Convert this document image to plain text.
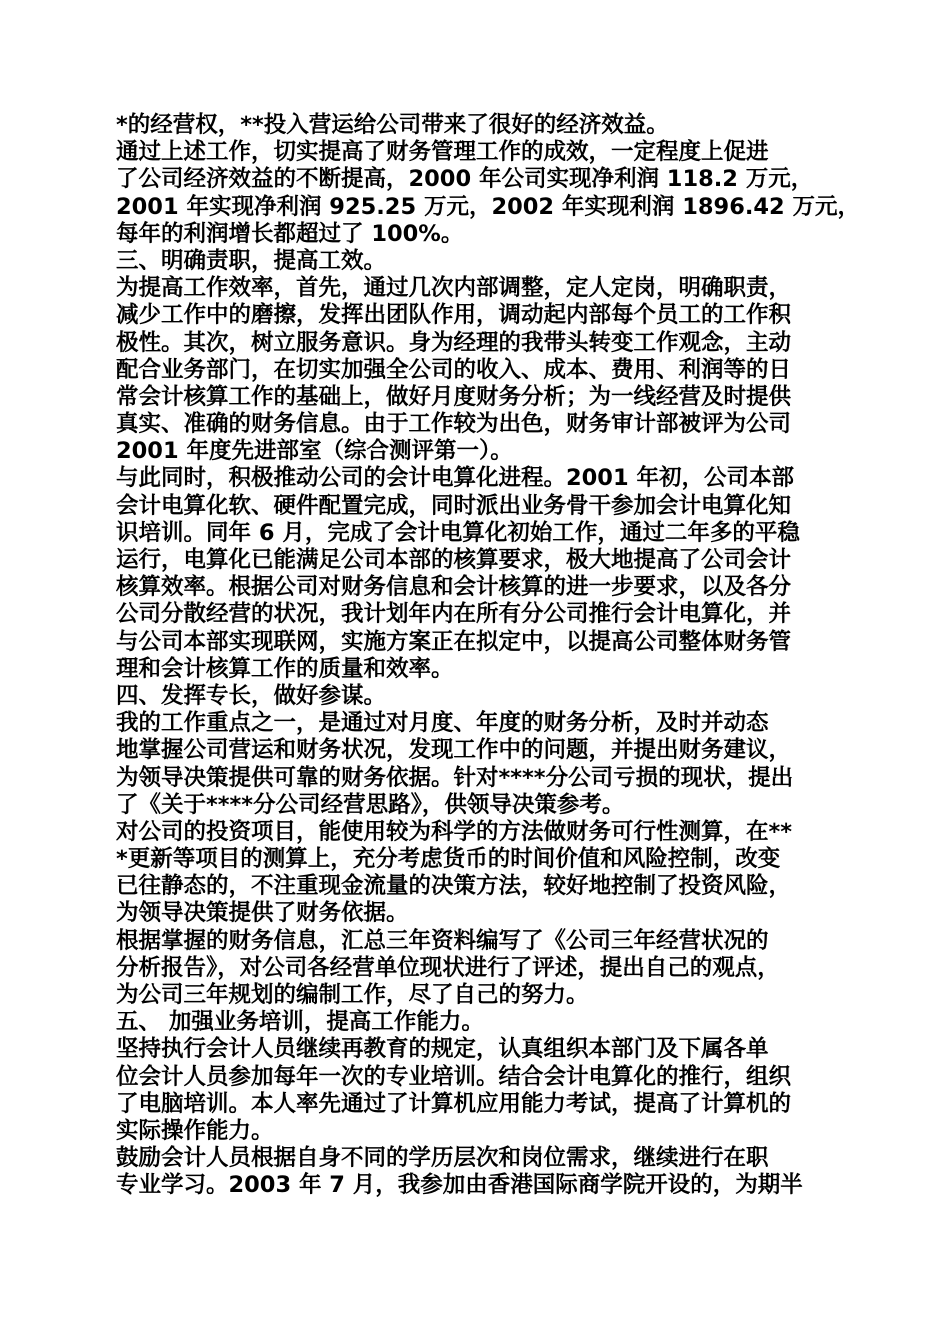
*的经营权，**投入营运给公司带来了很好的经济效益。
通过上述工作，切实提高了财务管理工作的成效，一定程度上促进
了公司经济效益的不断提高，2000 年公司实现净利润 118.2 万元，
2001 年实现净利润 925.25 万元，2002 年实现利润 1896.42 万元，
每年的利润增长都超过了 100%。
三、明确责职，提高工效。
为提高工作效率，首先，通过几次内部调整，定人定岗，明确职责，
减少工作中的磨擦，发挥出团队作用，调动起内部每个员工的工作积
极性。其次，树立服务意识。身为经理的我带头转变工作观念，主动
配合业务部门，在切实加强全公司的收入、成本、费用、利润等的日
常会计核算工作的基础上，做好月度财务分析；为一线经营及时提供
真实、准确的财务信息。由于工作较为出色，财务审计部被评为公司
2001 年度先进部室（综合测评第一）。
与此同时，积极推动公司的会计电算化进程。2001 年初，公司本部
会计电算化软、硬件配置完成，同时派出业务骨干参加会计电算化知
识培训。同年 6 月，完成了会计电算化初始工作，通过二年多的平稳
运行，电算化已能满足公司本部的核算要求，极大地提高了公司会计
核算效率。根据公司对财务信息和会计核算的进一步要求，以及各分
公司分散经营的状况，我计划年内在所有分公司推行会计电算化，并
与公司本部实现联网，实施方案正在拟定中，以提高公司整体财务管
理和会计核算工作的质量和效率。
四、发挥专长，做好参谋。
我的工作重点之一，是通过对月度、年度的财务分析，及时并动态
地掌握公司营运和财务状况，发现工作中的问题，并提出财务建议，
为领导决策提供可靠的财务依据。针对****分公司亏损的现状，提出
了《关于****分公司经营思路》，供领导决策参考。
对公司的投资项目，能使用较为科学的方法做财务可行性测算，在**
*更新等项目的测算上，充分考虑货币的时间价值和风险控制，改变
已往静态的，不注重现金流量的决策方法，较好地控制了投资风险，
为领导决策提供了财务依据。
根据掌握的财务信息，汇总三年资料编写了《公司三年经营状况的
分析报告》，对公司各经营单位现状进行了评述，提出自己的观点，
为公司三年规划的编制工作，尽了自己的努力。
五、 加强业务培训，提高工作能力。
坚持执行会计人员继续再教育的规定，认真组织本部门及下属各单
位会计人员参加每年一次的专业培训。结合会计电算化的推行，组织
了电脑培训。本人率先通过了计算机应用能力考试，提高了计算机的
实际操作能力。
鼓励会计人员根据自身不同的学历层次和岗位需求，继续进行在职
专业学习。2003 年 7 月，我参加由香港国际商学院开设的，为期半
